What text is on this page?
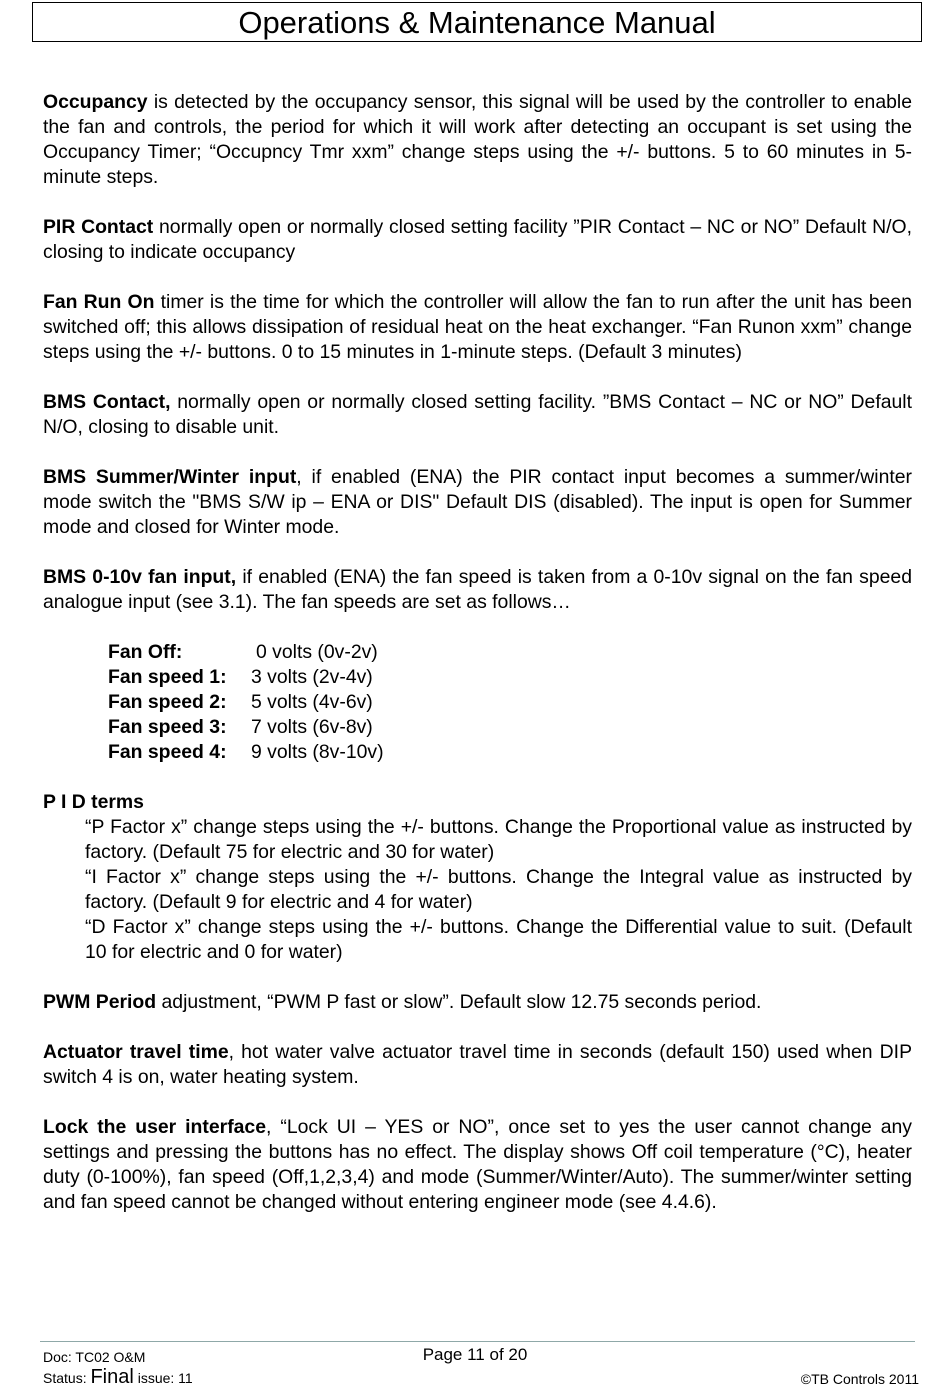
Operations & Maintenance Manual

Occupancy is detected by the occupancy sensor, this signal will be used by the controller to enable the fan and controls, the period for which it will work after detecting an occupant is set using the Occupancy Timer; “Occupncy Tmr xxm” change steps using the +/- buttons. 5 to 60 minutes in 5-minute steps.

PIR Contact normally open or normally closed setting facility ”PIR Contact – NC or NO” Default N/O, closing to indicate occupancy

Fan Run On timer is the time for which the controller will allow the fan to run after the unit has been switched off; this allows dissipation of residual heat on the heat exchanger. “Fan Runon xxm” change steps using the +/- buttons. 0 to 15 minutes in 1-minute steps. (Default 3 minutes)

BMS Contact, normally open or normally closed setting facility. ”BMS Contact – NC or NO” Default N/O, closing to disable unit.

BMS Summer/Winter input, if enabled (ENA) the PIR contact input becomes a summer/winter mode switch the "BMS S/W ip – ENA or DIS" Default DIS (disabled). The input is open for Summer mode and closed for Winter mode.

BMS 0-10v fan input, if enabled (ENA) the fan speed is taken from a 0-10v signal on the fan speed analogue input (see 3.1). The fan speeds are set as follows…

Fan Off:	0 volts (0v-2v)
Fan speed 1:	3 volts (2v-4v)
Fan speed 2:	5 volts (4v-6v)
Fan speed 3:	7 volts (6v-8v)
Fan speed 4:	9 volts (8v-10v)

P I D terms

“P Factor x” change steps using the +/- buttons. Change the Proportional value as instructed by factory. (Default 75 for electric and 30 for water)

“I Factor x” change steps using the +/- buttons. Change the Integral value as instructed by factory. (Default 9 for electric and 4 for water)

“D Factor x” change steps using the +/- buttons. Change the Differential value to suit. (Default 10 for electric and 0 for water)

PWM Period adjustment, “PWM P fast or slow”. Default slow 12.75 seconds period.

Actuator travel time, hot water valve actuator travel time in seconds (default 150) used when DIP switch 4 is on, water heating system.

Lock the user interface, “Lock UI – YES or NO”, once set to yes the user cannot change any settings and pressing the buttons has no effect. The display shows Off coil temperature (°C), heater duty (0-100%), fan speed (Off,1,2,3,4) and mode (Summer/Winter/Auto). The summer/winter setting and fan speed cannot be changed without entering engineer mode (see 4.4.6).

Doc: TC02 O&M	Page 11 of 20
Status: Final issue: 11	©TB Controls 2011
